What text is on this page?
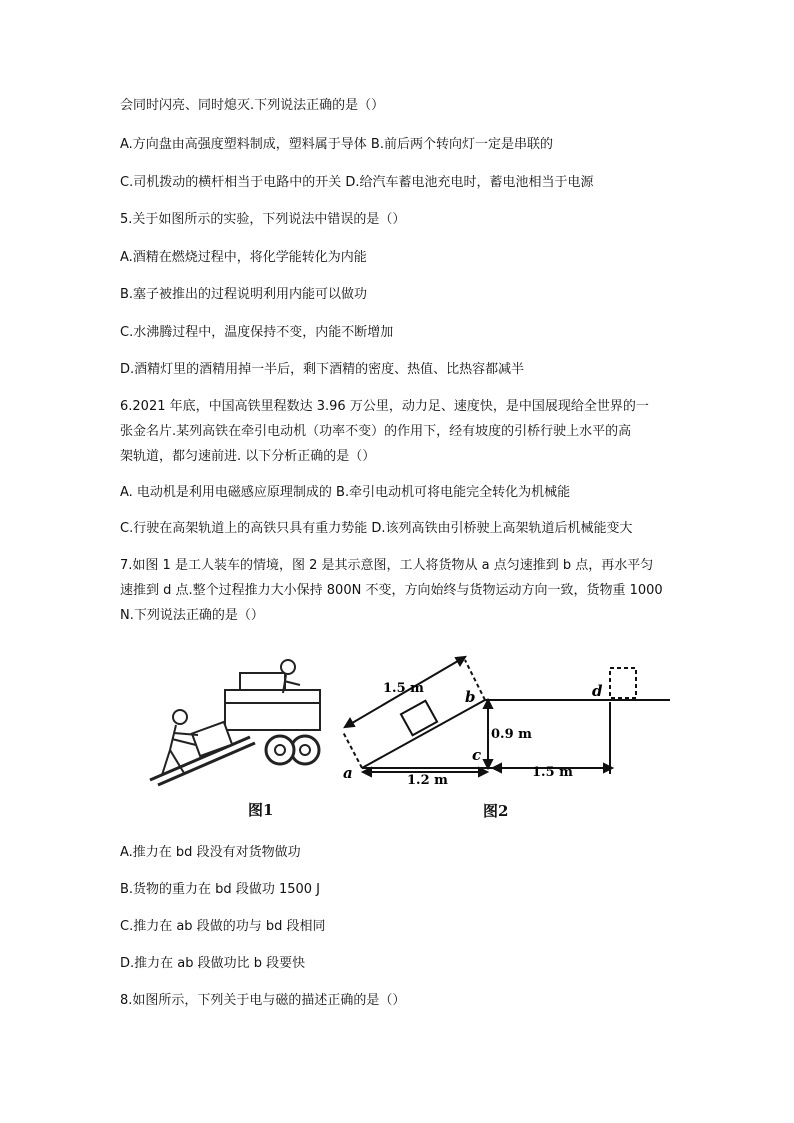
会同时闪亮、同时熄灭.下列说法正确的是（）
A.方向盘由高强度塑料制成，塑料属于导体 B.前后两个转向灯一定是串联的
C.司机拨动的横杆相当于电路中的开关 D.给汽车蓄电池充电时，蓄电池相当于电源
5.关于如图所示的实验，下列说法中错误的是（）
A.酒精在燃烧过程中，将化学能转化为内能
B.塞子被推出的过程说明利用内能可以做功
C.水沸腾过程中，温度保持不变，内能不断增加
D.酒精灯里的酒精用掉一半后，剩下酒精的密度、热值、比热容都减半
6.2021 年底，中国高铁里程数达 3.96 万公里，动力足、速度快，是中国展现给全世界的一
张金名片.某列高铁在牵引电动机（功率不变）的作用下，经有坡度的引桥行驶上水平的高
架轨道，都匀速前进. 以下分析正确的是（）
A. 电动机是利用电磁感应原理制成的 B.牵引电动机可将电能完全转化为机械能
C.行驶在高架轨道上的高铁只具有重力势能 D.该列高铁由引桥驶上高架轨道后机械能变大
7.如图 1 是工人装车的情境，图 2 是其示意图，工人将货物从 a 点匀速推到 b 点，再水平匀
速推到 d 点.整个过程推力大小保持 800N 不变，方向始终与货物运动方向一致，货物重 1000
N.下列说法正确的是（）
A.推力在 bd 段没有对货物做功
B.货物的重力在 bd 段做功 1500 J
C.推力在 ab 段做的功与 bd 段相同
D.推力在 ab 段做功比 b 段要快
8.如图所示，下列关于电与磁的描述正确的是（）
图1
1.5 m
0.9 m
1.2 m
1.5 m
a
b
c
d
图2
